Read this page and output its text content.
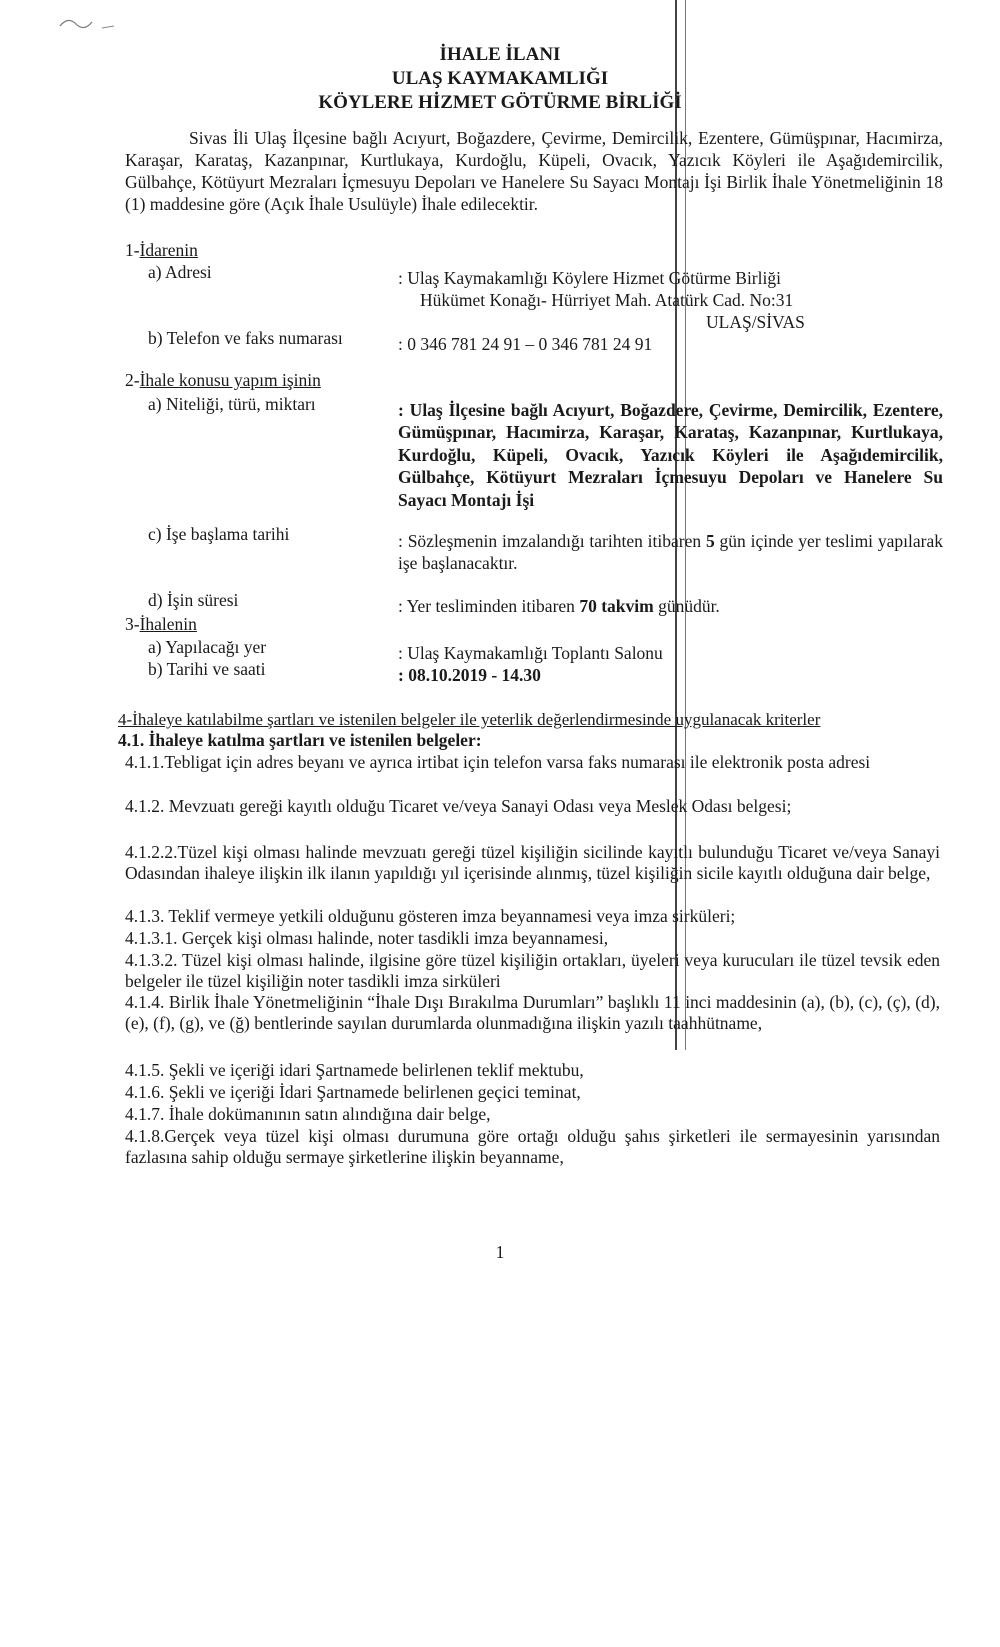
İHALE İLANI
ULAŞ KAYMAKAMLIĞI
KÖYLERE HİZMET GÖTÜRME BİRLİĞİ
Sivas İli Ulaş İlçesine bağlı Acıyurt, Boğazdere, Çevirme, Demircilik, Ezentere, Gümüşpınar, Hacımirza, Karaşar, Karataş, Kazanpınar, Kurtlukaya, Kurdoğlu, Küpeli, Ovacık, Yazıcık Köyleri ile Aşağıdemircilik, Gülbahçe, Kötüyurt Mezraları İçmesuyu Depoları ve Hanelere Su Sayacı Montajı İşi Birlik İhale Yönetmeliğinin 18 (1) maddesine göre (Açık İhale Usulüyle) İhale edilecektir.
1-İdarenin
a) Adresi	: Ulaş Kaymakamlığı Köylere Hizmet Götürme Birliği
Hükümet Konağı- Hürriyet Mah. Atatürk Cad. No:31
ULAŞ/SİVAS
b) Telefon ve faks numarası	: 0 346 781 24 91 – 0 346 781 24 91
2-İhale konusu yapım işinin
a) Niteliği, türü, miktarı	: Ulaş İlçesine bağlı Acıyurt, Boğazdere, Çevirme, Demircilik, Ezentere, Gümüşpınar, Hacımirza, Karaşar, Karataş, Kazanpınar, Kurtlukaya, Kurdoğlu, Küpeli, Ovacık, Yazıcık Köyleri ile Aşağıdemircilik, Gülbahçe, Kötüyurt Mezraları İçmesuyu Depoları ve Hanelere Su Sayacı Montajı İşi
c) İşe başlama tarihi	: Sözleşmenin imzalandığı tarihten itibaren 5 gün içinde yer teslimi yapılarak işe başlanacaktır.
d) İşin süresi	: Yer tesliminden itibaren 70 takvim günüdür.
3-İhalenin
a) Yapılacağı yer	: Ulaş Kaymakamlığı Toplantı Salonu
b) Tarihi ve saati	: 08.10.2019 - 14.30
4-İhaleye katılabilme şartları ve istenilen belgeler ile yeterlik değerlendirmesinde uygulanacak kriterler
4.1. İhaleye katılma şartları ve istenilen belgeler:
4.1.1.Tebligat için adres beyanı ve ayrıca irtibat için telefon varsa faks numarası ile elektronik posta adresi
4.1.2. Mevzuatı gereği kayıtlı olduğu Ticaret ve/veya Sanayi Odası veya Meslek Odası belgesi;
4.1.2.2.Tüzel kişi olması halinde mevzuatı gereği tüzel kişiliğin sicilinde kayıtlı bulunduğu Ticaret ve/veya Sanayi Odasından ihaleye ilişkin ilk ilanın yapıldığı yıl içerisinde alınmış, tüzel kişiliğin sicile kayıtlı olduğuna dair belge,
4.1.3. Teklif vermeye yetkili olduğunu gösteren imza beyannamesi veya imza sirküleri;
4.1.3.1. Gerçek kişi olması halinde, noter tasdikli imza beyannamesi,
4.1.3.2. Tüzel kişi olması halinde, ilgisine göre tüzel kişiliğin ortakları, üyeleri veya kurucuları ile tüzel tevsik eden belgeler ile tüzel kişiliğin noter tasdikli imza sirküleri
4.1.4. Birlik İhale Yönetmeliğinin “İhale Dışı Bırakılma Durumları” başlıklı 11 inci maddesinin (a), (b), (c), (ç), (d), (e), (f), (g), ve (ğ) bentlerinde sayılan durumlarda olunmadığına ilişkin yazılı taahhütname,
4.1.5. Şekli ve içeriği idari Şartnamede belirlenen teklif mektubu,
4.1.6. Şekli ve içeriği İdari Şartnamede belirlenen geçici teminat,
4.1.7. İhale dokümanının satın alındığına dair belge,
4.1.8.Gerçek veya tüzel kişi olması durumuna göre ortağı olduğu şahıs şirketleri ile sermayesinin yarısından fazlasına sahip olduğu sermaye şirketlerine ilişkin beyanname,
1
